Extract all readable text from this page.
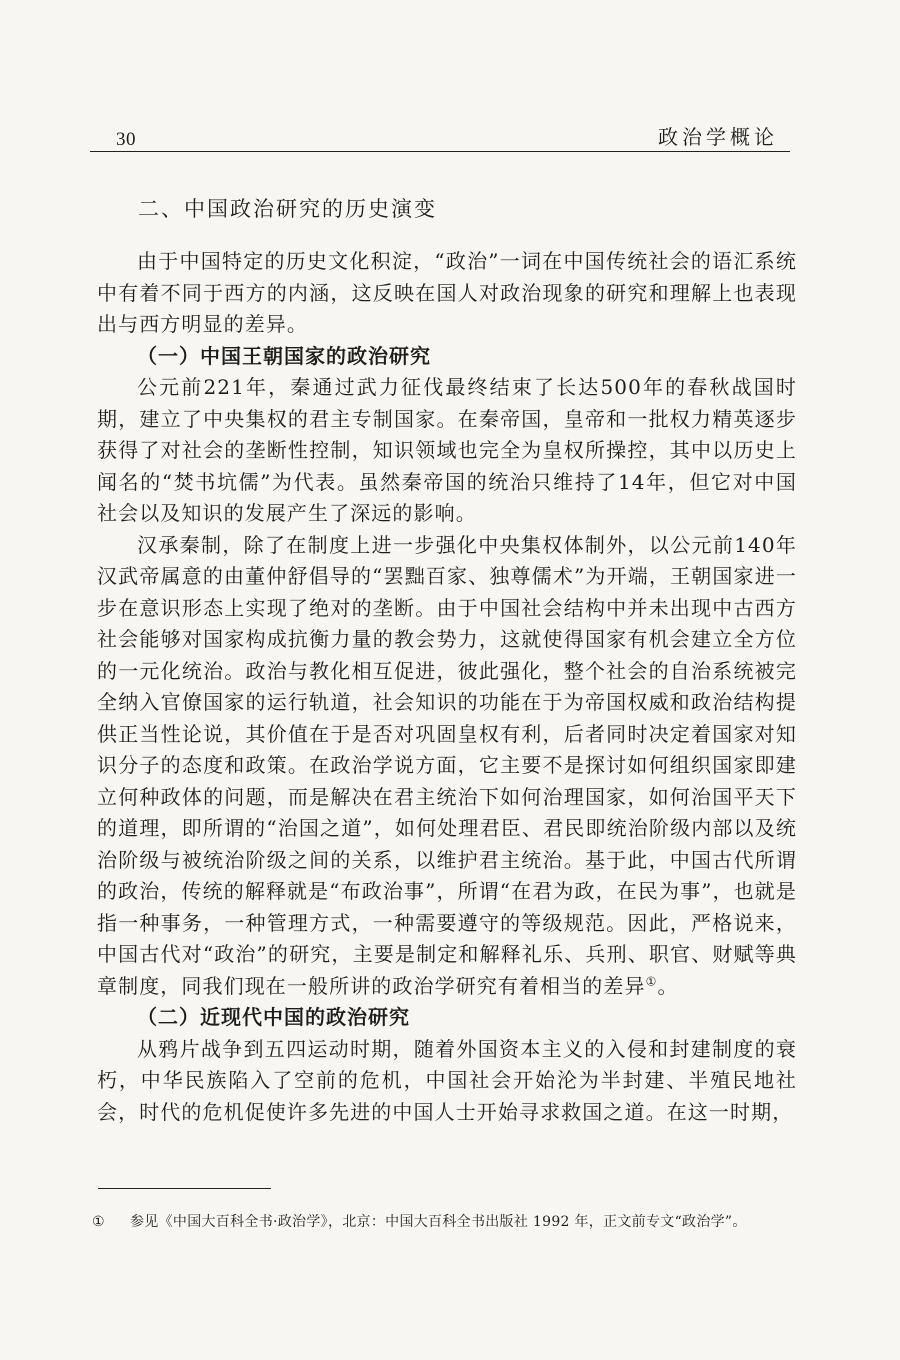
30	政治学概论
二、中国政治研究的历史演变

由于中国特定的历史文化积淀，“政治”一词在中国传统社会的语汇系统中有着不同于西方的内涵，这反映在国人对政治现象的研究和理解上也表现出与西方明显的差异。

（一）中国王朝国家的政治研究

公元前221年，秦通过武力征伐最终结束了长达500年的春秋战国时期，建立了中央集权的君主专制国家。在秦帝国，皇帝和一批权力精英逐步获得了对社会的垄断性控制，知识领域也完全为皇权所操控，其中以历史上闻名的“焚书坑儒”为代表。虽然秦帝国的统治只维持了14年，但它对中国社会以及知识的发展产生了深远的影响。

汉承秦制，除了在制度上进一步强化中央集权体制外，以公元前140年汉武帝属意的由董仲舒倡导的“罢黜百家、独尊儒术”为开端，王朝国家进一步在意识形态上实现了绝对的垄断。由于中国社会结构中并未出现中古西方社会能够对国家构成抗衡力量的教会势力，这就使得国家有机会建立全方位的一元化统治。政治与教化相互促进，彼此强化，整个社会的自治系统被完全纳入官僚国家的运行轨道，社会知识的功能在于为帝国权威和政治结构提供正当性论说，其价值在于是否对巩固皇权有利，后者同时决定着国家对知识分子的态度和政策。在政治学说方面，它主要不是探讨如何组织国家即建立何种政体的问题，而是解决在君主统治下如何治理国家，如何治国平天下的道理，即所谓的“治国之道”，如何处理君臣、君民即统治阶级内部以及统治阶级与被统治阶级之间的关系，以维护君主统治。基于此，中国古代所谓的政治，传统的解释就是“布政治事”，所谓“在君为政，在民为事”，也就是指一种事务，一种管理方式，一种需要遵守的等级规范。因此，严格说来，中国古代对“政治”的研究，主要是制定和解释礼乐、兵刑、职官、财赋等典章制度，同我们现在一般所讲的政治学研究有着相当的差异①。

（二）近现代中国的政治研究

从鸦片战争到五四运动时期，随着外国资本主义的入侵和封建制度的衰朽，中华民族陷入了空前的危机，中国社会开始沦为半封建、半殖民地社会，时代的危机促使许多先进的中国人士开始寻求救国之道。在这一时期，

① 参见《中国大百科全书·政治学》，北京：中国大百科全书出版社 1992 年，正文前专文“政治学”。
